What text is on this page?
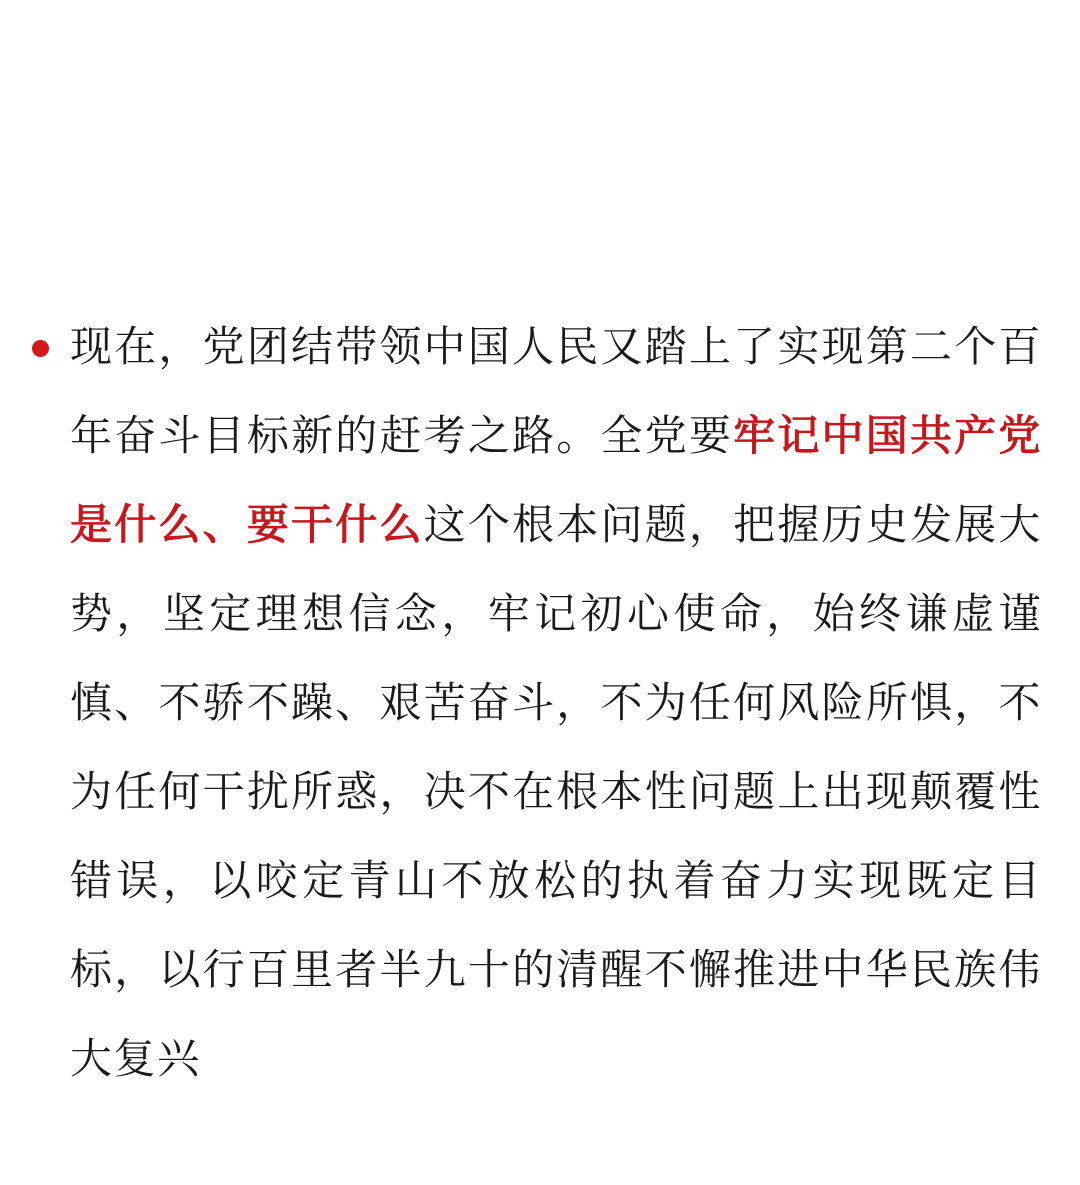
现在，党团结带领中国人民又踏上了实现第二个百年奋斗目标新的赶考之路。全党要牢记中国共产党是什么、要干什么这个根本问题，把握历史发展大势，坚定理想信念，牢记初心使命，始终谦虚谨慎、不骄不躁、艰苦奋斗，不为任何风险所惧，不为任何干扰所惑，决不在根本性问题上出现颠覆性错误，以咬定青山不放松的执着奋力实现既定目标，以行百里者半九十的清醒不懈推进中华民族伟大复兴
